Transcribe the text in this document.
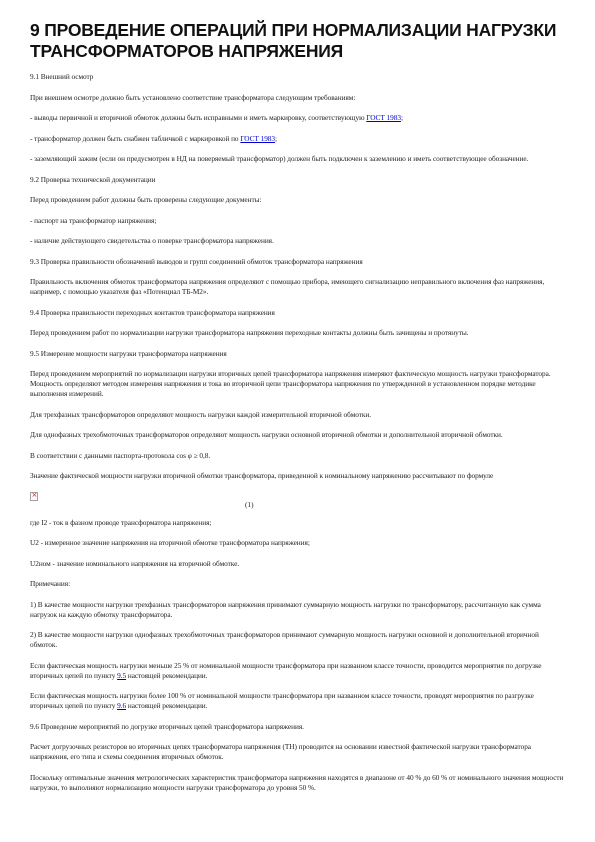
9 ПРОВЕДЕНИЕ ОПЕРАЦИЙ ПРИ НОРМАЛИЗАЦИИ НАГРУЗКИ ТРАНСФОРМАТОРОВ НАПРЯЖЕНИЯ

9.1 Внешний осмотр

При внешнем осмотре должно быть установлено соответствие трансформатора следующим требованиям:

- выводы первичной и вторичной обмоток должны быть исправными и иметь маркировку, соответствующую ГОСТ 1983;

- трансформатор должен быть снабжен табличкой с маркировкой по ГОСТ 1983;

- заземляющий зажим (если он предусмотрен в НД на поверяемый трансформатор) должен быть подключен к заземлению и иметь соответствующее обозначение.

9.2 Проверка технической документации

Перед проведением работ должны быть проверены следующие документы:

- паспорт на трансформатор напряжения;

- наличие действующего свидетельства о поверке трансформатора напряжения.

9.3 Проверка правильности обозначений выводов и групп соединений обмоток трансформатора напряжения

Правильность включения обмоток трансформатора напряжения определяют с помощью прибора, имеющего сигнализацию неправильного включения фаз напряжения, например, с помощью указателя фаз «Потенциал ТБ-М2».

9.4 Проверка правильности переходных контактов трансформатора напряжения

Перед проведением работ по нормализации нагрузки трансформатора напряжения переходные контакты должны быть зачищены и протянуты.

9.5 Измерение мощности нагрузки трансформатора напряжения

Перед проведением мероприятий по нормализации нагрузки вторичных цепей трансформатора напряжения измеряют фактическую мощность нагрузки трансформатора. Мощность определяют методом измерения напряжения и тока во вторичной цепи трансформатора напряжения по утвержденной в установленном порядке методике выполнения измерений.

Для трехфазных трансформаторов определяют мощность нагрузки каждой измерительной вторичной обмотки.

Для однофазных трехобмоточных трансформаторов определяют мощность нагрузки основной вторичной обмотки и дополнительной вторичной обмотки.

В соответствии с данными паспорта-протокола cos φ ≥ 0,8.

Значение фактической мощности нагрузки вторичной обмотки трансформатора, приведенной к номинальному напряжению рассчитывают по формуле

×
(1)

где I2 - ток в фазном проводе трансформатора напряжения;

U2 - измеренное значение напряжения на вторичной обмотке трансформатора напряжения;

U2ном - значение номинального напряжения на вторичной обмотке.

Примечания:

1) В качестве мощности нагрузки трехфазных трансформаторов напряжения принимают суммарную мощность нагрузки по трансформатору, рассчитанную как сумма нагрузок на каждую обмотку трансформатора.

2) В качестве мощности нагрузки однофазных трехобмоточных трансформаторов принимают суммарную мощность нагрузки основной и дополнительной вторичной обмоток.

Если фактическая мощность нагрузки меньше 25 % от номинальной мощности трансформатора при названном классе точности, проводится мероприятия по догрузке вторичных цепей по пункту 9.5 настоящей рекомендации.

Если фактическая мощность нагрузки более 100 % от номинальной мощности трансформатора при названном классе точности, проводят мероприятия по разгрузке вторичных цепей по пункту 9.6 настоящей рекомендации.

9.6 Проведение мероприятий по догрузке вторичных цепей трансформатора напряжения.

Расчет догрузочных резисторов во вторичных цепях трансформатора напряжения (ТН) проводится на основании известной фактической нагрузки трансформатора напряжения, его типа и схемы соединения вторичных обмоток.

Поскольку оптимальные значения метрологических характеристик трансформатора напряжения находятся в диапазоне от 40 % до 60 % от номинального значения мощности нагрузки, то выполняют нормализацию мощности нагрузки трансформатора до уровня 50 %.
